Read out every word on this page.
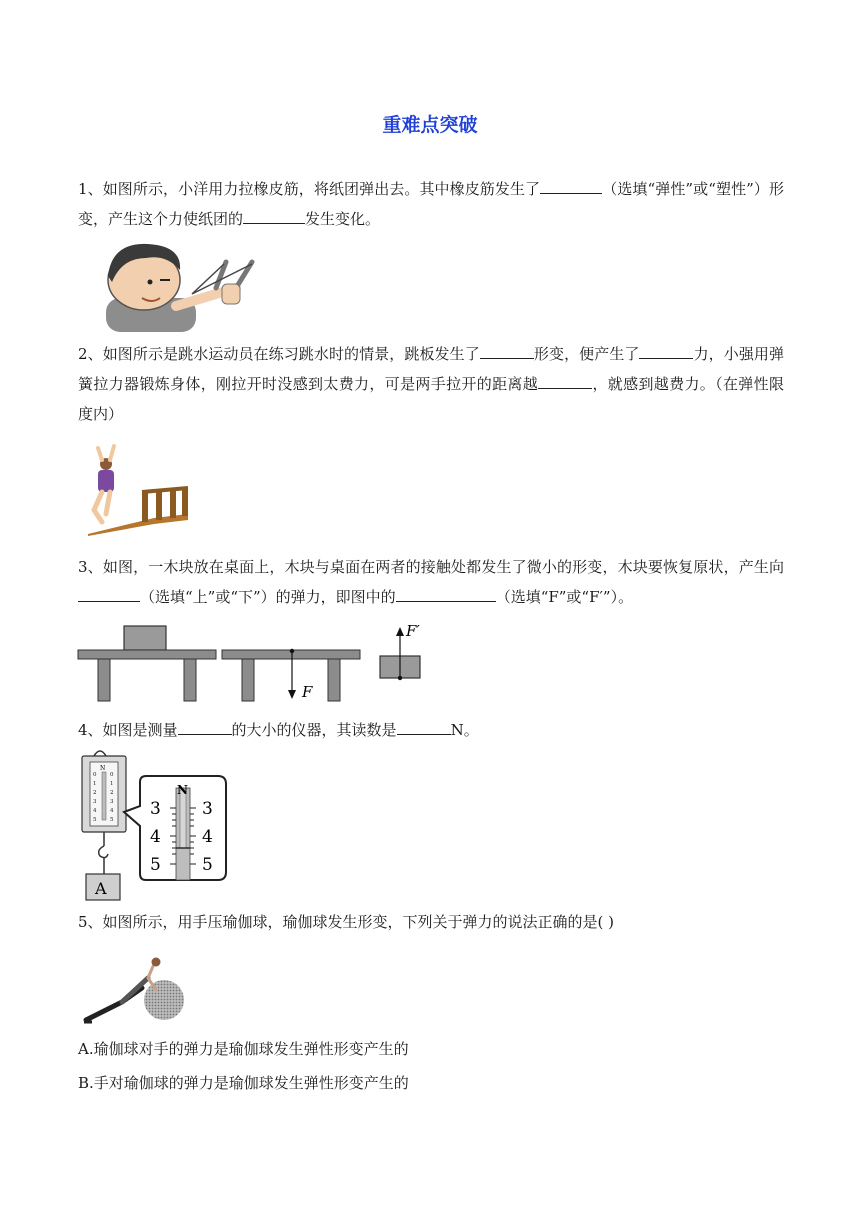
重难点突破
1、如图所示，小洋用力拉橡皮筋，将纸团弹出去。其中橡皮筋发生了	（选填“弹性”或“塑性”）形变，产生这个力使纸团的	发生变化。
2、如图所示是跳水运动员在练习跳水时的情景，跳板发生了	形变，便产生了	力，小强用弹簧拉力器锻炼身体，刚拉开时没感到太费力，可是两手拉开的距离越	，就感到越费力。（在弹性限度内）
3、如图，一木块放在桌面上，木块与桌面在两者的接触处都发生了微小的形变，木块要恢复原状，产生向（选填“上”或“下”）的弹力，即图中的	（选填“F”或“F′”）。
F
F′
4、如图是测量	的大小的仪器，其读数是	N。
N
0
1
2
3
4
5
0
1
2
3
4
5
A
N
3
4
5
3
4
5
5、如图所示，用手压瑜伽球，瑜伽球发生形变，下列关于弹力的说法正确的是( )
A.瑜伽球对手的弹力是瑜伽球发生弹性形变产生的
B.手对瑜伽球的弹力是瑜伽球发生弹性形变产生的
